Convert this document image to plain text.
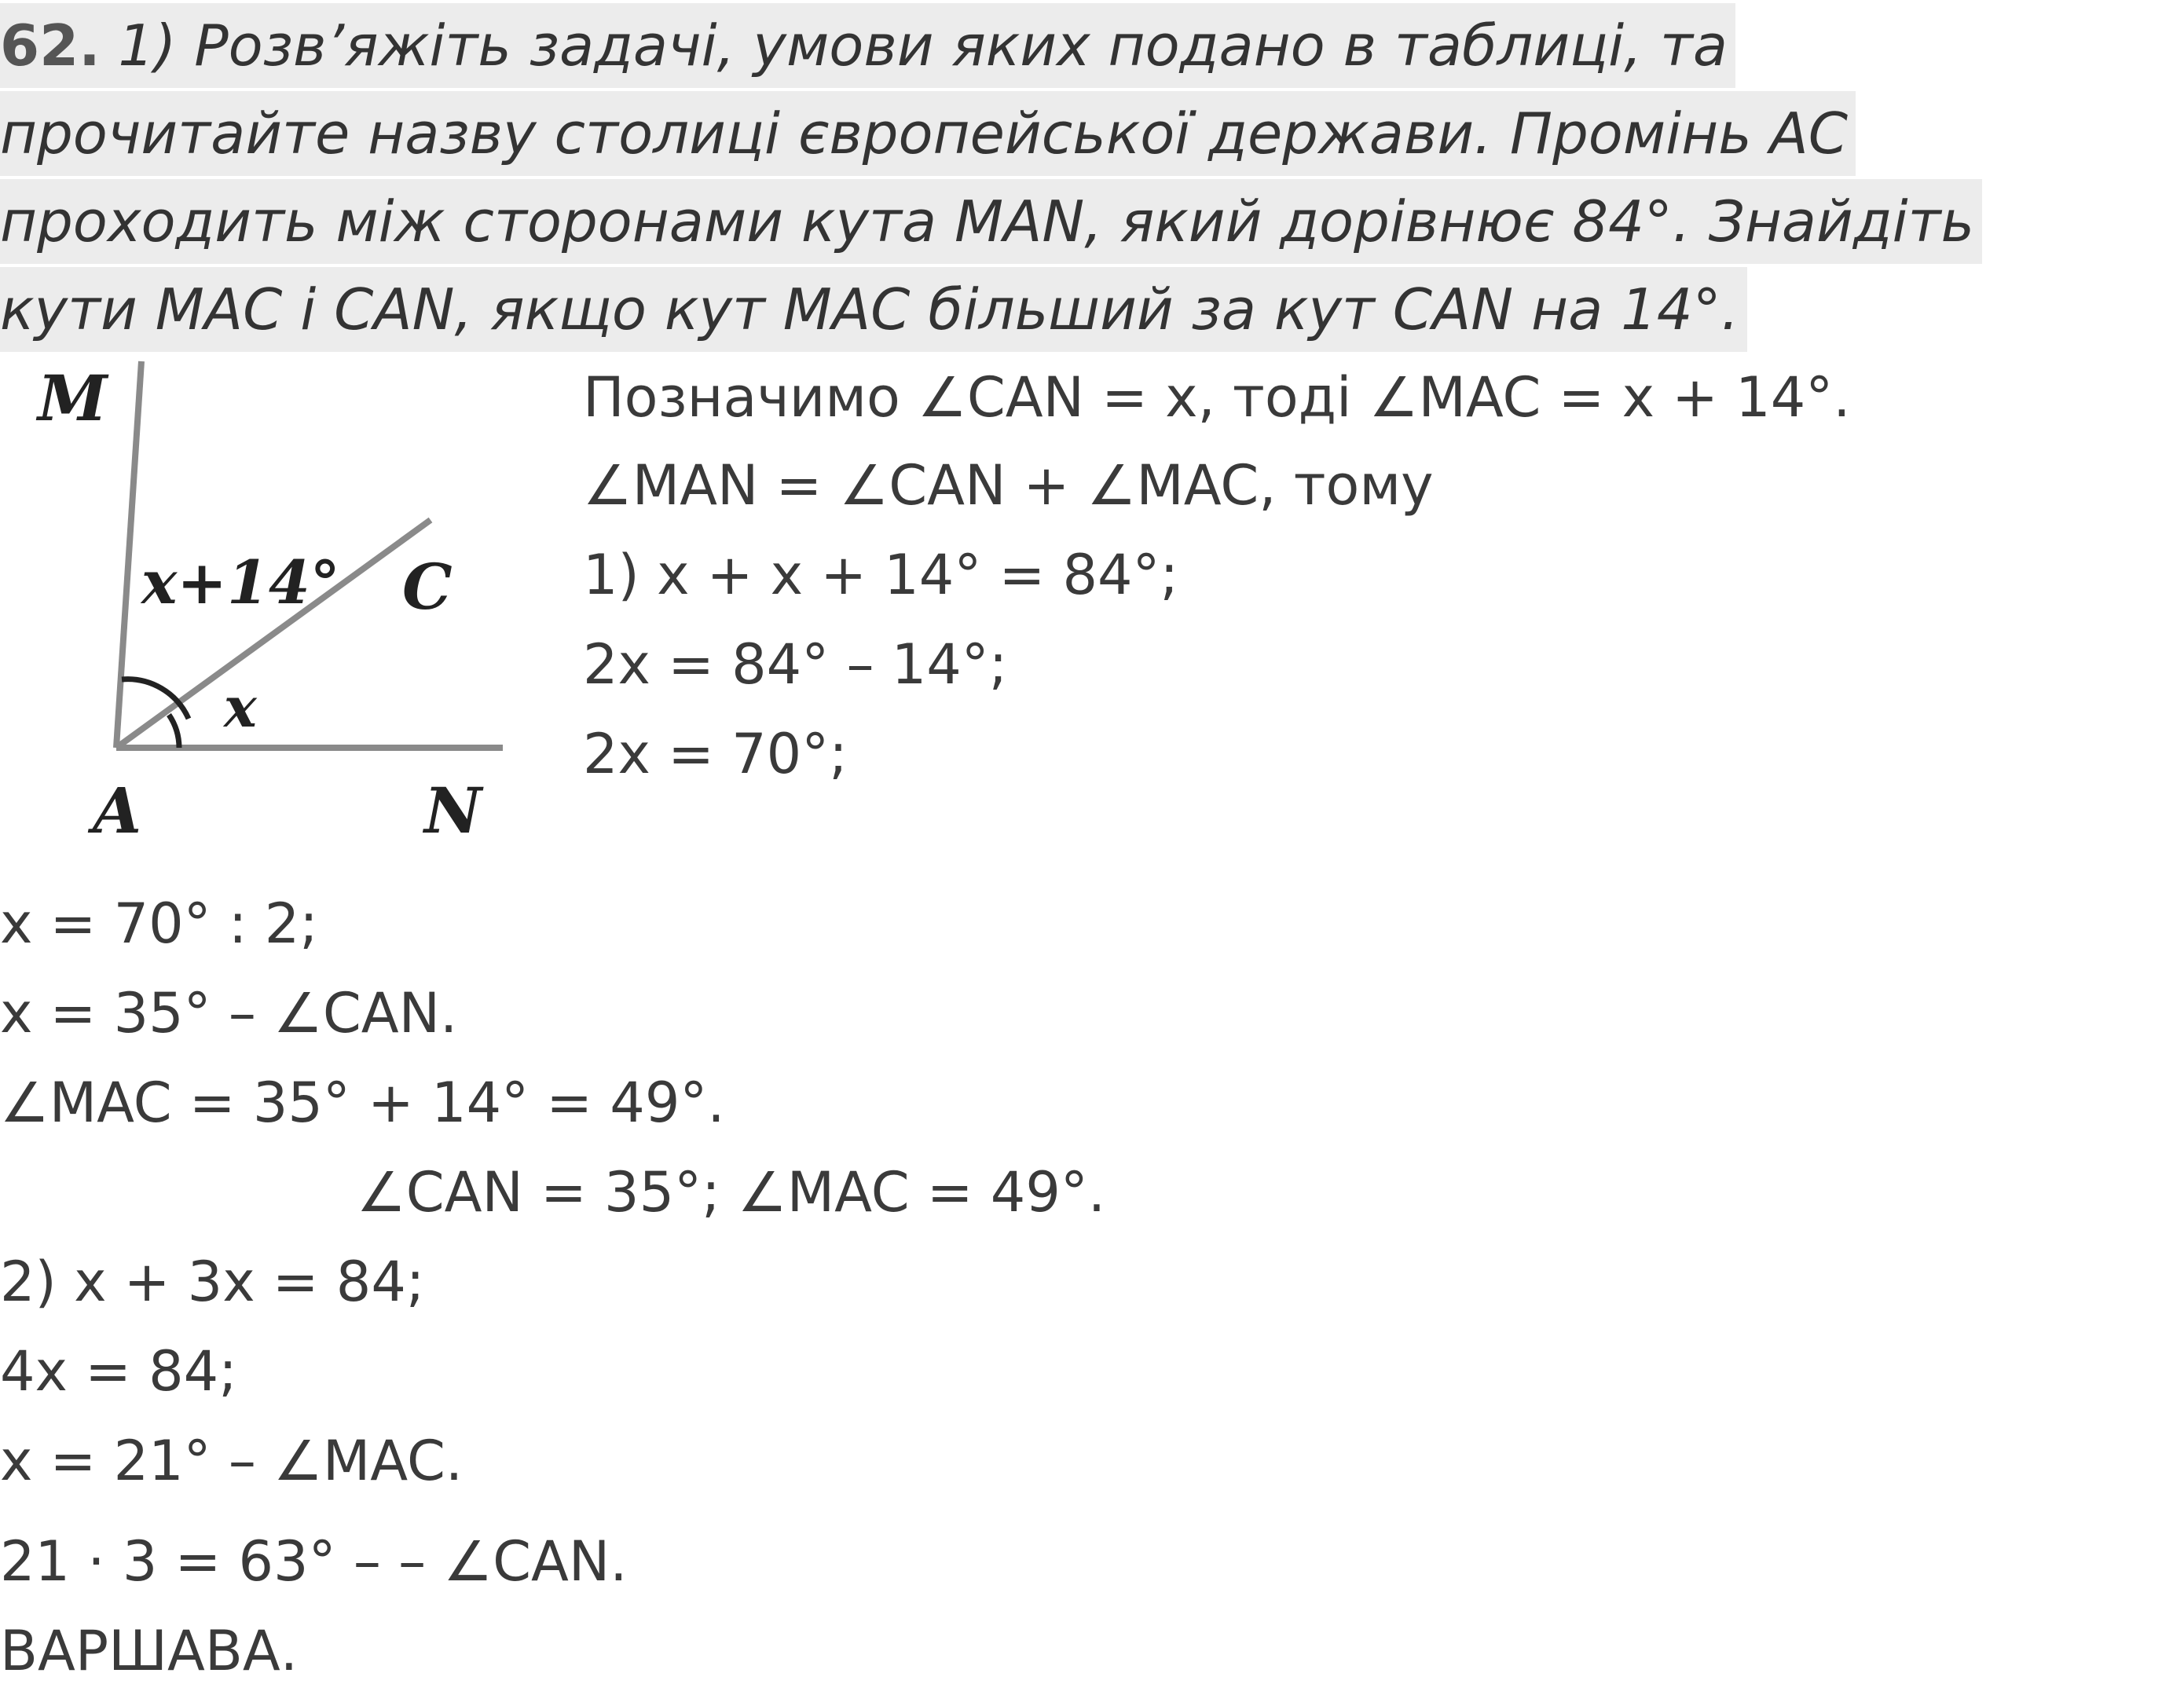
62. 1) Розв’яжіть задачі, умови яких подано в таблиці, та
прочитайте назву столиці європейської держави. Промінь АС
проходить між сторонами кута MAN, який дорівнює 84°. Знайдіть
кути МАС і CAN, якщо кут МАС більший за кут CAN на 14°.
M
x+14° C
x
A	N
Позначимо ∠CAN = x, тоді ∠MAC = x + 14°.
∠MAN = ∠CAN + ∠MAC, тому
1) x + x + 14° = 84°;
2x = 84° – 14°;
2x = 70°;
x = 70° : 2;
x = 35° – ∠CAN.
∠MAC = 35° + 14° = 49°.
∠CAN = 35°; ∠MAC = 49°.
2) x + 3x = 84;
4x = 84;
x = 21° – ∠MAC.
21 · 3 = 63° – – ∠CAN.
ВАРШАВА.
